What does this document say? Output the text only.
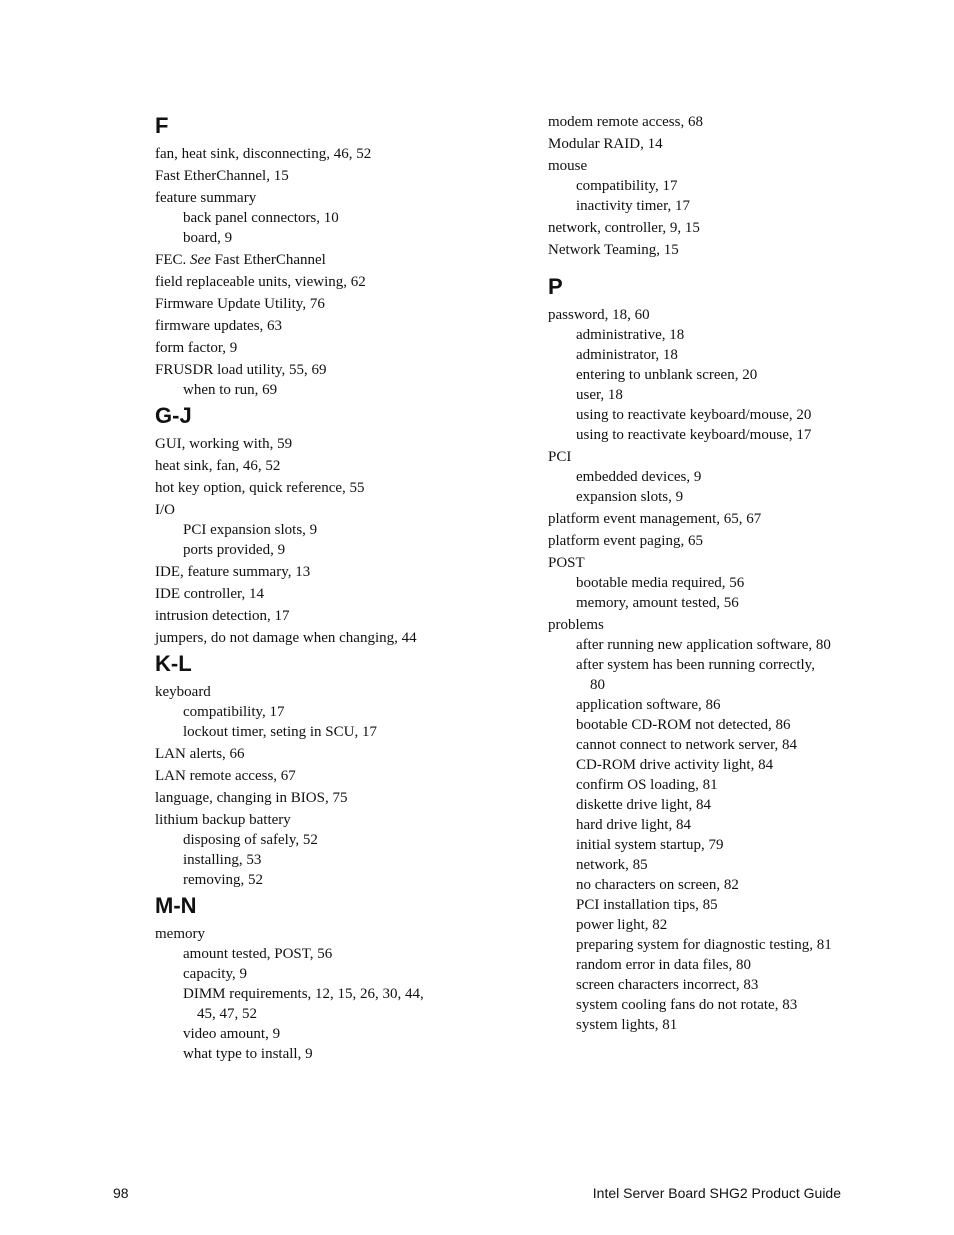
F
fan, heat sink, disconnecting, 46, 52
Fast EtherChannel, 15
feature summary
back panel connectors, 10
board, 9
FEC. See Fast EtherChannel
field replaceable units, viewing, 62
Firmware Update Utility, 76
firmware updates, 63
form factor, 9
FRUSDR load utility, 55, 69
when to run, 69
G-J
GUI, working with, 59
heat sink, fan, 46, 52
hot key option, quick reference, 55
I/O
PCI expansion slots, 9
ports provided, 9
IDE, feature summary, 13
IDE controller, 14
intrusion detection, 17
jumpers, do not damage when changing, 44
K-L
keyboard
compatibility, 17
lockout timer, seting in SCU, 17
LAN alerts, 66
LAN remote access, 67
language, changing in BIOS, 75
lithium backup battery
disposing of safely, 52
installing, 53
removing, 52
M-N
memory
amount tested, POST, 56
capacity, 9
DIMM requirements, 12, 15, 26, 30, 44,
45, 47, 52
video amount, 9
what type to install, 9
modem remote access, 68
Modular RAID, 14
mouse
compatibility, 17
inactivity timer, 17
network, controller, 9, 15
Network Teaming, 15
P
password, 18, 60
administrative, 18
administrator, 18
entering to unblank screen, 20
user, 18
using to reactivate keyboard/mouse, 20
using to reactivate keyboard/mouse, 17
PCI
embedded devices, 9
expansion slots, 9
platform event management, 65, 67
platform event paging, 65
POST
bootable media required, 56
memory, amount tested, 56
problems
after running new application software, 80
after system has been running correctly,
80
application software, 86
bootable CD-ROM not detected, 86
cannot connect to network server, 84
CD-ROM drive activity light, 84
confirm OS loading, 81
diskette drive light, 84
hard drive light, 84
initial system startup, 79
network, 85
no characters on screen, 82
PCI installation tips, 85
power light, 82
preparing system for diagnostic testing, 81
random error in data files, 80
screen characters incorrect, 83
system cooling fans do not rotate, 83
system lights, 81
98	Intel Server Board SHG2 Product Guide
